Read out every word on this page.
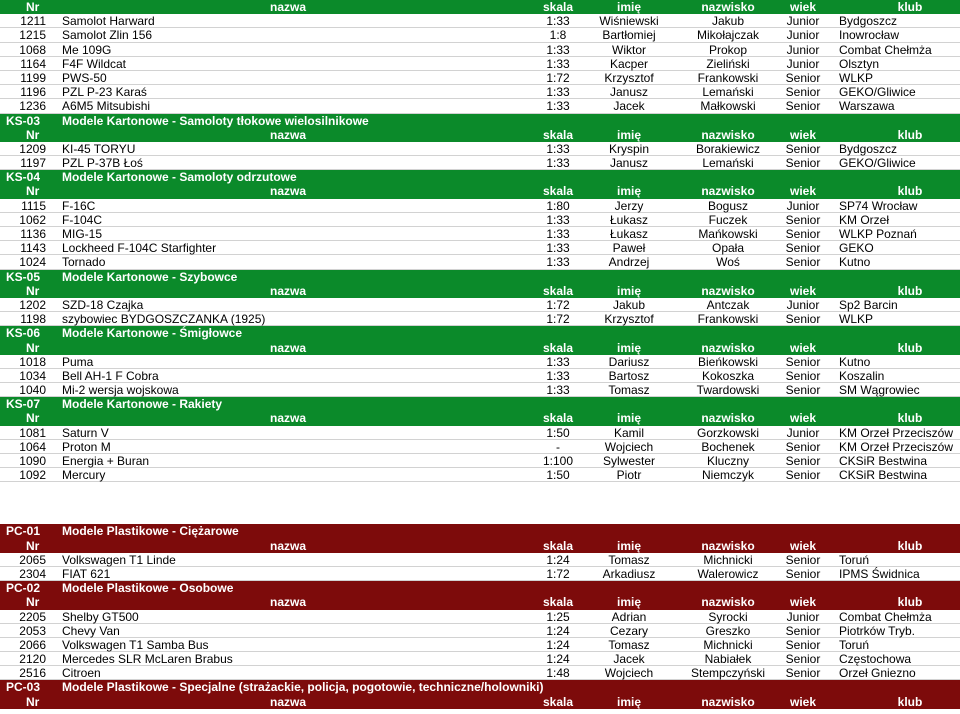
Nr	nazwa	skala	imię	nazwisko	wiek	klub
1211 Samolot Harward	1:33	Wiśniewski	Jakub	Junior	Bydgoszcz
1215 Samolot Zlin 156	1:8	Bartłomiej	Mikołajczak	Junior	Inowrocław
1068 Me 109G	1:33	Wiktor	Prokop	Junior	Combat Chełmża
1164 F4F Wildcat	1:33	Kacper	Zieliński	Junior	Olsztyn
1199 PWS-50	1:72	Krzysztof	Frankowski	Senior	WLKP
1196 PZL P-23 Karaś	1:33	Janusz	Lemański	Senior	GEKO/Gliwice
1236 A6M5 Mitsubishi	1:33	Jacek	Małkowski	Senior	Warszawa
KS-03	Modele Kartonowe - Samoloty tłokowe wielosilnikowe
Nr	nazwa	skala	imię	nazwisko	wiek	klub
1209 KI-45 TORYU	1:33	Kryspin	Borakiewicz	Senior	Bydgoszcz
1197 PZL P-37B Łoś	1:33	Janusz	Lemański	Senior	GEKO/Gliwice
KS-04	Modele Kartonowe - Samoloty odrzutowe
Nr	nazwa	skala	imię	nazwisko	wiek	klub
1115 F-16C	1:80	Jerzy	Bogusz	Junior	SP74 Wrocław
1062 F-104C	1:33	Łukasz	Fuczek	Senior	KM Orzeł
1136 MIG-15	1:33	Łukasz	Mańkowski	Senior	WLKP Poznań
1143 Lockheed F-104C Starfighter	1:33	Paweł	Opała	Senior	GEKO
1024 Tornado	1:33	Andrzej	Woś	Senior	Kutno
KS-05	Modele Kartonowe - Szybowce
Nr	nazwa	skala	imię	nazwisko	wiek	klub
1202 SZD-18 Czajka	1:72	Jakub	Antczak	Junior	Sp2 Barcin
1198 szybowiec BYDGOSZCZANKA (1925)	1:72	Krzysztof	Frankowski	Senior	WLKP
KS-06	Modele Kartonowe - Śmigłowce
Nr	nazwa	skala	imię	nazwisko	wiek	klub
1018 Puma	1:33	Dariusz	Bieńkowski	Senior	Kutno
1034 Bell AH-1 F Cobra	1:33	Bartosz	Kokoszka	Senior	Koszalin
1040 Mi-2 wersja wojskowa	1:33	Tomasz	Twardowski	Senior	SM Wągrowiec
KS-07	Modele Kartonowe - Rakiety
Nr	nazwa	skala	imię	nazwisko	wiek	klub
1081 Saturn V	1:50	Kamil	Gorzkowski	Junior	KM Orzeł Przeciszów
1064 Proton M	-	Wojciech	Bochenek	Senior	KM Orzeł Przeciszów
1090 Energia + Buran	1:100	Sylwester	Kluczny	Senior	CKSiR Bestwina
1092 Mercury	1:50	Piotr	Niemczyk	Senior	CKSiR Bestwina
PC-01	Modele Plastikowe - Ciężarowe
Nr	nazwa	skala	imię	nazwisko	wiek	klub
2065 Volkswagen T1 Linde	1:24	Tomasz	Michnicki	Senior	Toruń
2304 FIAT 621	1:72	Arkadiusz	Walerowicz	Senior	IPMS Świdnica
PC-02	Modele Plastikowe - Osobowe
Nr	nazwa	skala	imię	nazwisko	wiek	klub
2205 Shelby GT500	1:25	Adrian	Syrocki	Junior	Combat Chełmża
2053 Chevy Van	1:24	Cezary	Greszko	Senior	Piotrków Tryb.
2066 Volkswagen T1 Samba Bus	1:24	Tomasz	Michnicki	Senior	Toruń
2120 Mercedes SLR McLaren Brabus	1:24	Jacek	Nabiałek	Senior	Częstochowa
2516 Citroen	1:48	Wojciech	Stempczyński	Senior	Orzeł Gniezno
PC-03	Modele Plastikowe - Specjalne (strażackie, policja, pogotowie, techniczne/holowniki)
Nr	nazwa	skala	imię	nazwisko	wiek	klub
